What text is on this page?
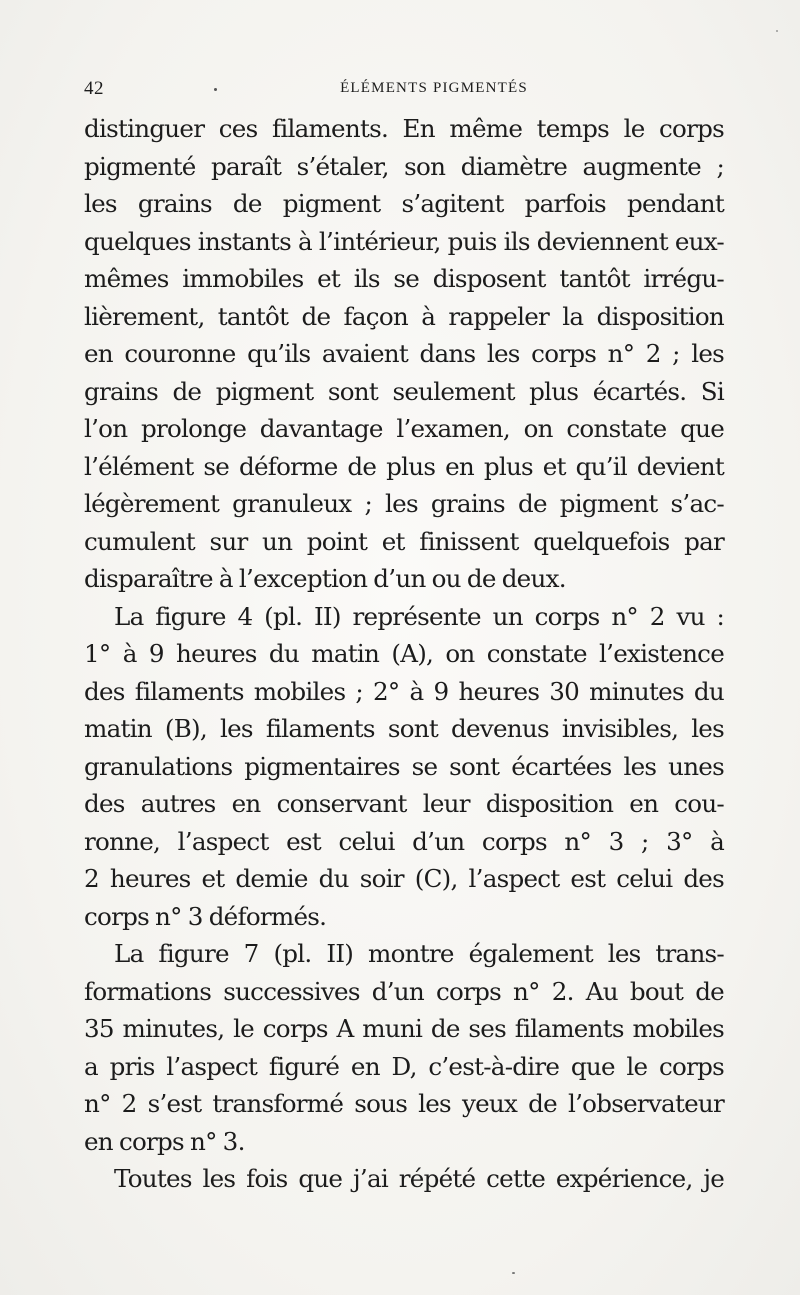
42	ÉLÉMENTS PIGMENTÉS
distinguer ces filaments. En même temps le corps
pigmenté paraît s’étaler, son diamètre augmente ;
les grains de pigment s’agitent parfois pendant
quelques instants à l’intérieur, puis ils deviennent eux-
mêmes immobiles et ils se disposent tantôt irrégu-
lièrement, tantôt de façon à rappeler la disposition
en couronne qu’ils avaient dans les corps n° 2 ; les
grains de pigment sont seulement plus écartés. Si
l’on prolonge davantage l’examen, on constate que
l’élément se déforme de plus en plus et qu’il devient
légèrement granuleux ; les grains de pigment s’ac-
cumulent sur un point et finissent quelquefois par
disparaître à l’exception d’un ou de deux.
La figure 4 (pl. II) représente un corps n° 2 vu :
1° à 9 heures du matin (A), on constate l’existence
des filaments mobiles ; 2° à 9 heures 30 minutes du
matin (B), les filaments sont devenus invisibles, les
granulations pigmentaires se sont écartées les unes
des autres en conservant leur disposition en cou-
ronne, l’aspect est celui d’un corps n° 3 ; 3° à
2 heures et demie du soir (C), l’aspect est celui des
corps n° 3 déformés.
La figure 7 (pl. II) montre également les trans-
formations successives d’un corps n° 2. Au bout de
35 minutes, le corps A muni de ses filaments mobiles
a pris l’aspect figuré en D, c’est-à-dire que le corps
n° 2 s’est transformé sous les yeux de l’observateur
en corps n° 3.
Toutes les fois que j’ai répété cette expérience, je
